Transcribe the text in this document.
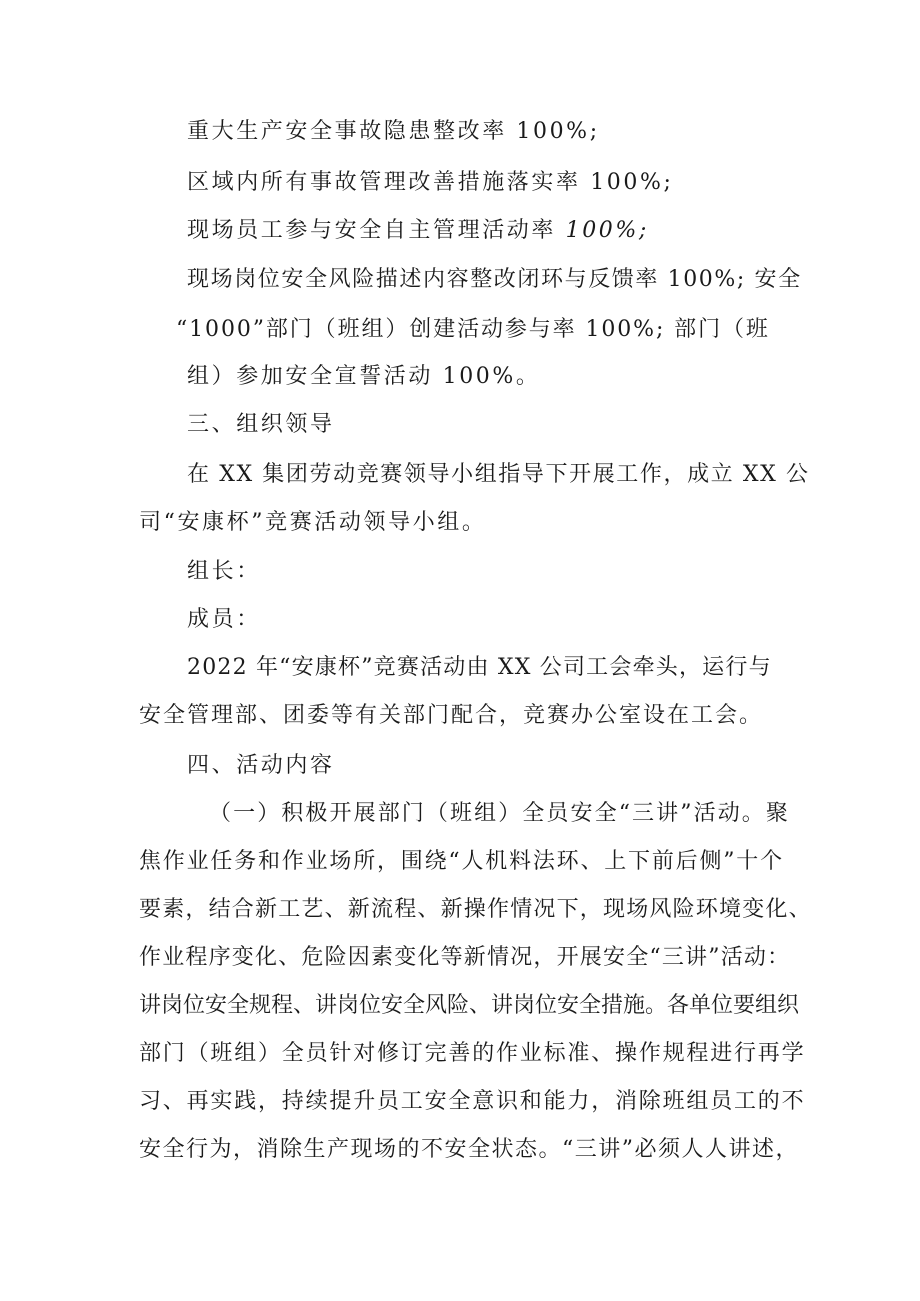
重大生产安全事故隐患整改率 100%;
区域内所有事故管理改善措施落实率 100%;
现场员工参与安全自主管理活动率 100%;
现场岗位安全风险描述内容整改闭环与反馈率 100%; 安全
“1000”部门（班组）创建活动参与率 100%; 部门（班
组）参加安全宣誓活动 100%。
三、组织领导
在 XX 集团劳动竞赛领导小组指导下开展工作，成立 XX 公
司“安康杯”竞赛活动领导小组。
组长：
成员：
2022 年“安康杯”竞赛活动由 XX 公司工会牵头，运行与
安全管理部、团委等有关部门配合，竞赛办公室设在工会。
四、活动内容
（一）积极开展部门（班组）全员安全“三讲”活动。聚
焦作业任务和作业场所，围绕“人机料法环、上下前后侧”十个
要素，结合新工艺、新流程、新操作情况下，现场风险环境变化、
作业程序变化、危险因素变化等新情况，开展安全“三讲”活动：
讲岗位安全规程、讲岗位安全风险、讲岗位安全措施。各单位要组织
部门（班组）全员针对修订完善的作业标准、操作规程进行再学
习、再实践，持续提升员工安全意识和能力，消除班组员工的不
安全行为，消除生产现场的不安全状态。“三讲”必须人人讲述，
